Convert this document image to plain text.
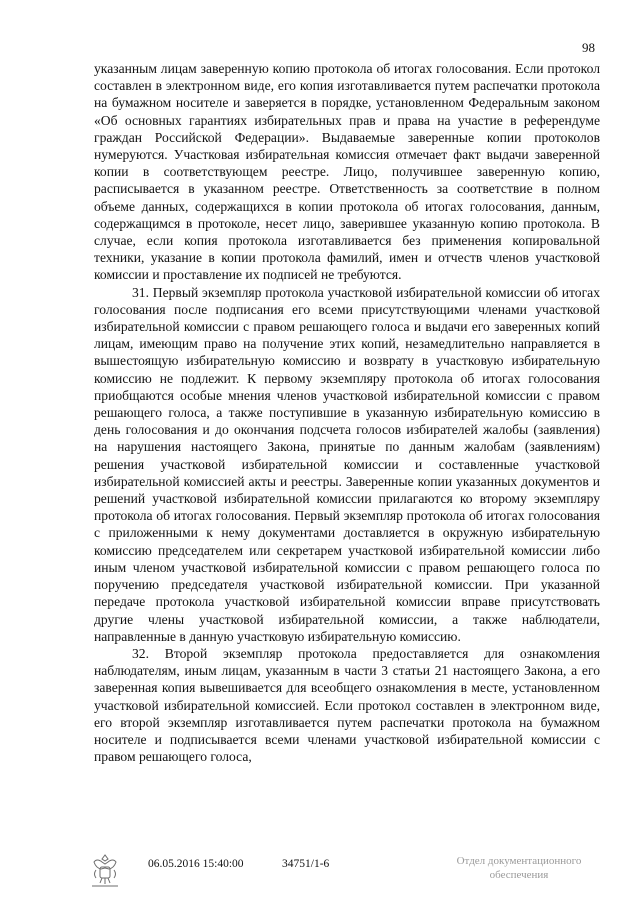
98

указанным лицам заверенную копию протокола об итогах голосования. Если протокол составлен в электронном виде, его копия изготавливается путем распечатки протокола на бумажном носителе и заверяется в порядке, установленном Федеральным законом «Об основных гарантиях избирательных прав и права на участие в референдуме граждан Российской Федерации». Выдаваемые заверенные копии протоколов нумеруются. Участковая избирательная комиссия отмечает факт выдачи заверенной копии в соответствующем реестре. Лицо, получившее заверенную копию, расписывается в указанном реестре. Ответственность за соответствие в полном объеме данных, содержащихся в копии протокола об итогах голосования, данным, содержащимся в протоколе, несет лицо, заверившее указанную копию протокола. В случае, если копия протокола изготавливается без применения копировальной техники, указание в копии протокола фамилий, имен и отчеств членов участковой комиссии и проставление их подписей не требуются.

31. Первый экземпляр протокола участковой избирательной комиссии об итогах голосования после подписания его всеми присутствующими членами участковой избирательной комиссии с правом решающего голоса и выдачи его заверенных копий лицам, имеющим право на получение этих копий, незамедлительно направляется в вышестоящую избирательную комиссию и возврату в участковую избирательную комиссию не подлежит. К первому экземпляру протокола об итогах голосования приобщаются особые мнения членов участковой избирательной комиссии с правом решающего голоса, а также поступившие в указанную избирательную комиссию в день голосования и до окончания подсчета голосов избирателей жалобы (заявления) на нарушения настоящего Закона, принятые по данным жалобам (заявлениям) решения участковой избирательной комиссии и составленные участковой избирательной комиссией акты и реестры. Заверенные копии указанных документов и решений участковой избирательной комиссии прилагаются ко второму экземпляру протокола об итогах голосования. Первый экземпляр протокола об итогах голосования с приложенными к нему документами доставляется в окружную избирательную комиссию председателем или секретарем участковой избирательной комиссии либо иным членом участковой избирательной комиссии с правом решающего голоса по поручению председателя участковой избирательной комиссии. При указанной передаче протокола участковой избирательной комиссии вправе присутствовать другие члены участковой избирательной комиссии, а также наблюдатели, направленные в данную участковую избирательную комиссию.

32. Второй экземпляр протокола предоставляется для ознакомления наблюдателям, иным лицам, указанным в части 3 статьи 21 настоящего Закона, а его заверенная копия вывешивается для всеобщего ознакомления в месте, установленном участковой избирательной комиссией. Если протокол составлен в электронном виде, его второй экземпляр изготавливается путем распечатки протокола на бумажном носителе и подписывается всеми членами участковой избирательной комиссии с правом решающего голоса,

06.05.2016 15:40:00	34751/1-6	Отдел документационного
обеспечения
